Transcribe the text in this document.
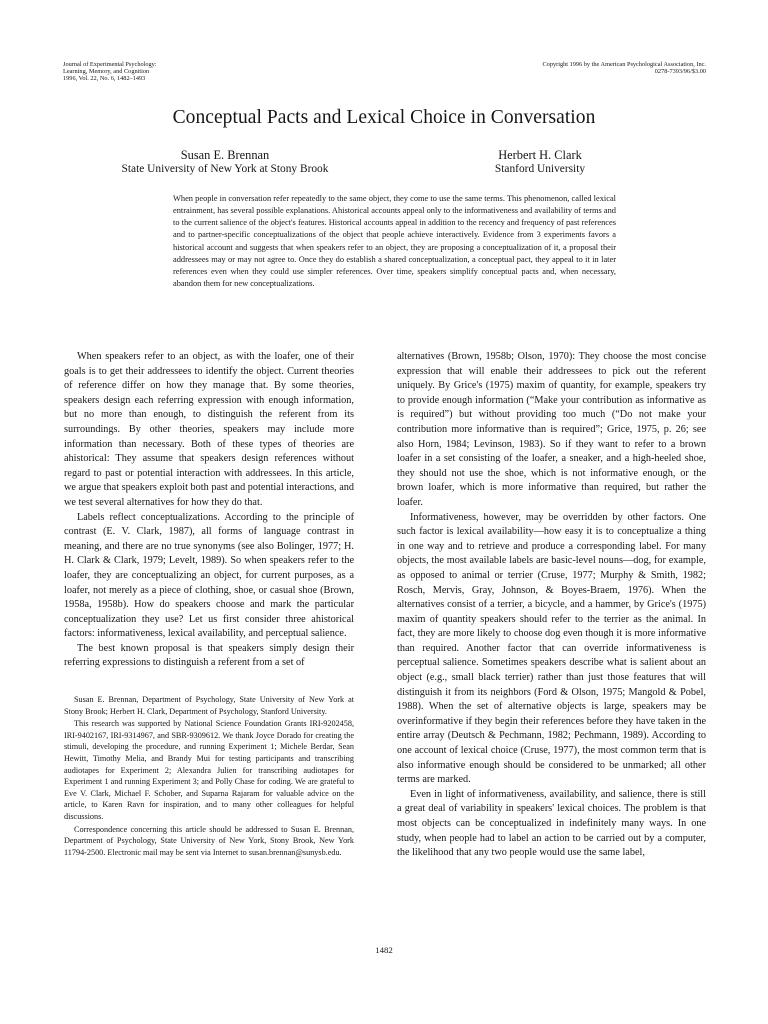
Journal of Experimental Psychology:
Learning, Memory, and Cognition
1996, Vol. 22, No. 6, 1482–1493
Copyright 1996 by the American Psychological Association, Inc.
0278-7393/96/$3.00
Conceptual Pacts and Lexical Choice in Conversation
Susan E. Brennan
State University of New York at Stony Brook
Herbert H. Clark
Stanford University

When people in conversation refer repeatedly to the same object, they come to use the same terms. This phenomenon, called lexical entrainment, has several possible explanations. Ahistorical accounts appeal only to the informativeness and availability of terms and to the current salience of the object's features. Historical accounts appeal in addition to the recency and frequency of past references and to partner-specific conceptualizations of the object that people achieve interactively. Evidence from 3 experiments favors a historical account and suggests that when speakers refer to an object, they are proposing a conceptualization of it, a proposal their addressees may or may not agree to. Once they do establish a shared conceptualization, a conceptual pact, they appeal to it in later references even when they could use simpler references. Over time, speakers simplify conceptual pacts and, when necessary, abandon them for new conceptualizations.

When speakers refer to an object, as with the loafer, one of their goals is to get their addressees to identify the object. Current theories of reference differ on how they manage that. By some theories, speakers design each referring expression with enough information, but no more than enough, to distinguish the referent from its surroundings. By other theories, speakers may include more information than necessary. Both of these types of theories are ahistorical: They assume that speakers design references without regard to past or potential interaction with addressees. In this article, we argue that speakers exploit both past and potential interactions, and we test several alternatives for how they do that.

Labels reflect conceptualizations. According to the principle of contrast (E. V. Clark, 1987), all forms of language contrast in meaning, and there are no true synonyms (see also Bolinger, 1977; H. H. Clark & Clark, 1979; Levelt, 1989). So when speakers refer to the loafer, they are conceptualizing an object, for current purposes, as a loafer, not merely as a piece of clothing, shoe, or casual shoe (Brown, 1958a, 1958b). How do speakers choose and mark the particular conceptualization they use? Let us first consider three ahistorical factors: informativeness, lexical availability, and perceptual salience.

The best known proposal is that speakers simply design their referring expressions to distinguish a referent from a set of

alternatives (Brown, 1958b; Olson, 1970): They choose the most concise expression that will enable their addressees to pick out the referent uniquely. By Grice's (1975) maxim of quantity, for example, speakers try to provide enough information (“Make your contribution as informative as is required”) but without providing too much (“Do not make your contribution more informative than is required”; Grice, 1975, p. 26; see also Horn, 1984; Levinson, 1983). So if they want to refer to a brown loafer in a set consisting of the loafer, a sneaker, and a high-heeled shoe, they should not use the shoe, which is not informative enough, or the brown loafer, which is more informative than required, but rather the loafer.

Informativeness, however, may be overridden by other factors. One such factor is lexical availability—how easy it is to conceptualize a thing in one way and to retrieve and produce a corresponding label. For many objects, the most available labels are basic-level nouns—dog, for example, as opposed to animal or terrier (Cruse, 1977; Murphy & Smith, 1982; Rosch, Mervis, Gray, Johnson, & Boyes-Braem, 1976). When the alternatives consist of a terrier, a bicycle, and a hammer, by Grice's (1975) maxim of quantity speakers should refer to the terrier as the animal. In fact, they are more likely to choose dog even though it is more informative than required. Another factor that can override informativeness is perceptual salience. Sometimes speakers describe what is salient about an object (e.g., small black terrier) rather than just those features that will distinguish it from its neighbors (Ford & Olson, 1975; Mangold & Pobel, 1988). When the set of alternative objects is large, speakers may be overinformative if they begin their references before they have taken in the entire array (Deutsch & Pechmann, 1982; Pechmann, 1989). According to one account of lexical choice (Cruse, 1977), the most common term that is also informative enough should be considered to be unmarked; all other terms are marked.

Even in light of informativeness, availability, and salience, there is still a great deal of variability in speakers' lexical choices. The problem is that most objects can be conceptualized in indefinitely many ways. In one study, when people had to label an action to be carried out by a computer, the likelihood that any two people would use the same label,

Susan E. Brennan, Department of Psychology, State University of New York at Stony Brook; Herbert H. Clark, Department of Psychology, Stanford University.

This research was supported by National Science Foundation Grants IRI-9202458, IRI-9402167, IRI-9314967, and SBR-9309612. We thank Joyce Dorado for creating the stimuli, developing the procedure, and running Experiment 1; Michele Berdar, Sean Hewitt, Timothy Melia, and Brandy Mui for testing participants and transcribing audiotapes for Experiment 2; Alexandra Julien for transcribing audiotapes for Experiment 1 and running Experiment 3; and Polly Chase for coding. We are grateful to Eve V. Clark, Michael F. Schober, and Suparna Rajaram for valuable advice on the article, to Karen Ravn for inspiration, and to many other colleagues for helpful discussions.

Correspondence concerning this article should be addressed to Susan E. Brennan, Department of Psychology, State University of New York, Stony Brook, New York 11794-2500. Electronic mail may be sent via Internet to susan.brennan@sunysb.edu.

1482
